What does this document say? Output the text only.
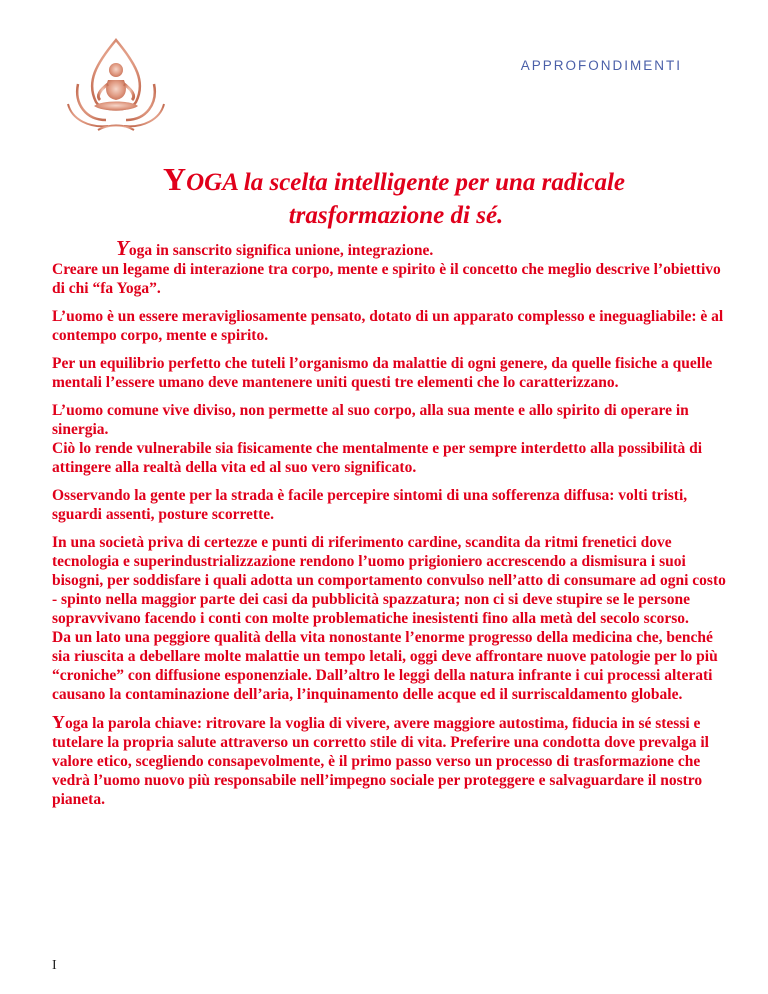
APPROFONDIMENTI
YOGA la scelta intelligente per una radicale
trasformazione di sé.

Yoga in sanscrito significa unione, integrazione.

Creare un legame di interazione tra corpo, mente e spirito è il concetto che meglio descrive l’obiettivo di chi “fa Yoga”.

L’uomo è un essere meravigliosamente pensato, dotato di un apparato complesso e ineguagliabile: è al contempo corpo, mente e spirito.

Per un equilibrio perfetto che tuteli l’organismo da malattie di ogni genere, da quelle fisiche a quelle mentali l’essere umano deve mantenere uniti questi tre elementi che lo caratterizzano.

L’uomo comune vive diviso, non permette al suo corpo, alla sua mente e allo spirito di operare in sinergia.

Ciò lo rende vulnerabile sia fisicamente che mentalmente e per sempre interdetto alla possibilità di attingere alla realtà della vita ed al suo vero significato.

Osservando la gente per la strada è facile percepire sintomi di una sofferenza diffusa: volti tristi, sguardi assenti, posture scorrette.

In una società priva di certezze e punti di riferimento cardine, scandita da ritmi frenetici dove tecnologia e superindustrializzazione rendono l’uomo prigioniero accrescendo a dismisura i suoi bisogni, per soddisfare i quali adotta un comportamento convulso nell’atto di consumare ad ogni costo - spinto nella maggior parte dei casi da pubblicità spazzatura; non ci si deve stupire se le persone sopravvivano facendo i conti con molte problematiche inesistenti fino alla metà del secolo scorso.

Da un lato una peggiore qualità della vita nonostante l’enorme progresso della medicina che, benché sia riuscita a debellare molte malattie un tempo letali, oggi deve affrontare nuove patologie per lo più “croniche” con diffusione esponenziale. Dall’altro le leggi della natura infrante i cui processi alterati causano la contaminazione dell’aria, l’inquinamento delle acque ed il surriscaldamento globale.

Yoga la parola chiave: ritrovare la voglia di vivere, avere maggiore autostima, fiducia in sé stessi e tutelare la propria salute attraverso un corretto stile di vita. Preferire una condotta dove prevalga il valore etico, scegliendo consapevolmente, è il primo passo verso un processo di trasformazione che vedrà l’uomo nuovo più responsabile nell’impegno sociale per proteggere e salvaguardare il nostro pianeta.

I
